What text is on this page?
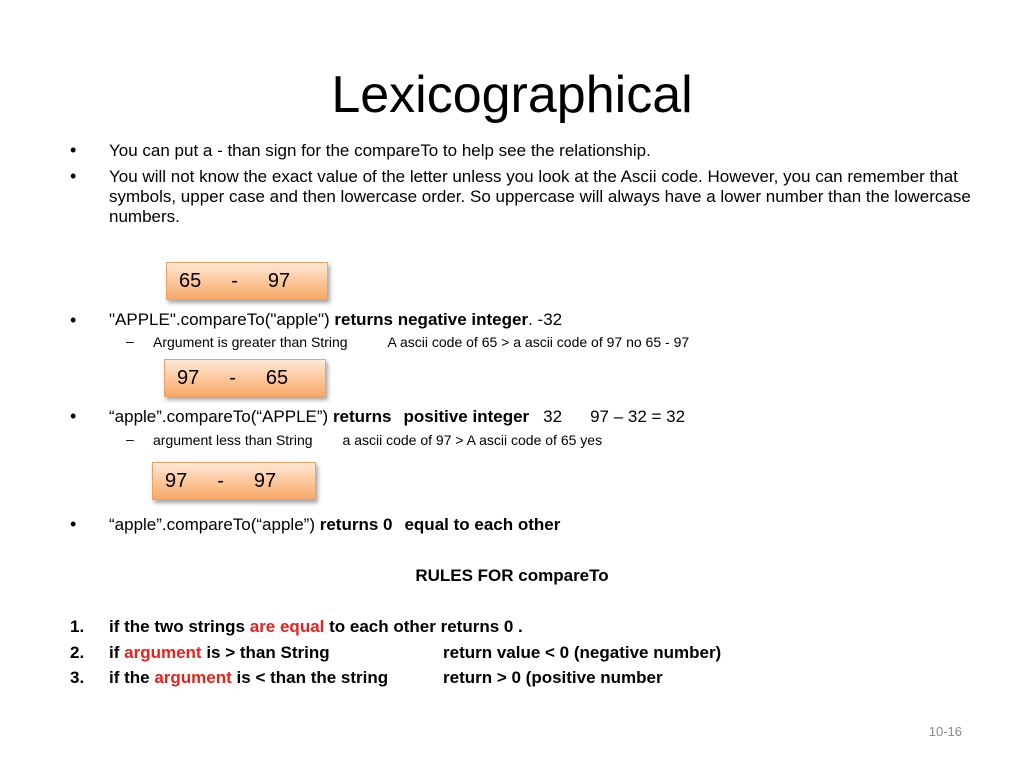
Lexicographical
• You can put a - than sign for the compareTo to help see the relationship.
• You will not know the exact value of the letter unless you look at the Ascii code. However, you can remember that symbols, upper case and then lowercase order. So uppercase will always have a lower number than the lowercase numbers.
65 - 97
• "APPLE".compareTo("apple") returns negative integer. -32
– Argument is greater than String	A ascii code of 65 > a ascii code of 97 no 65 - 97
97 - 65
• “apple”.compareTo(“APPLE”) returns positive integer 32 97 – 32 = 32
– argument less than String a ascii code of 97 > A ascii code of 65 yes
97 - 97
• “apple”.compareTo(“apple”) returns 0 equal to each other
RULES FOR compareTo
1. if the two strings are equal to each other returns 0 .
2. if argument is > than String	return value < 0 (negative number)
3. if the argument is < than the string	return > 0 (positive number
10-16
